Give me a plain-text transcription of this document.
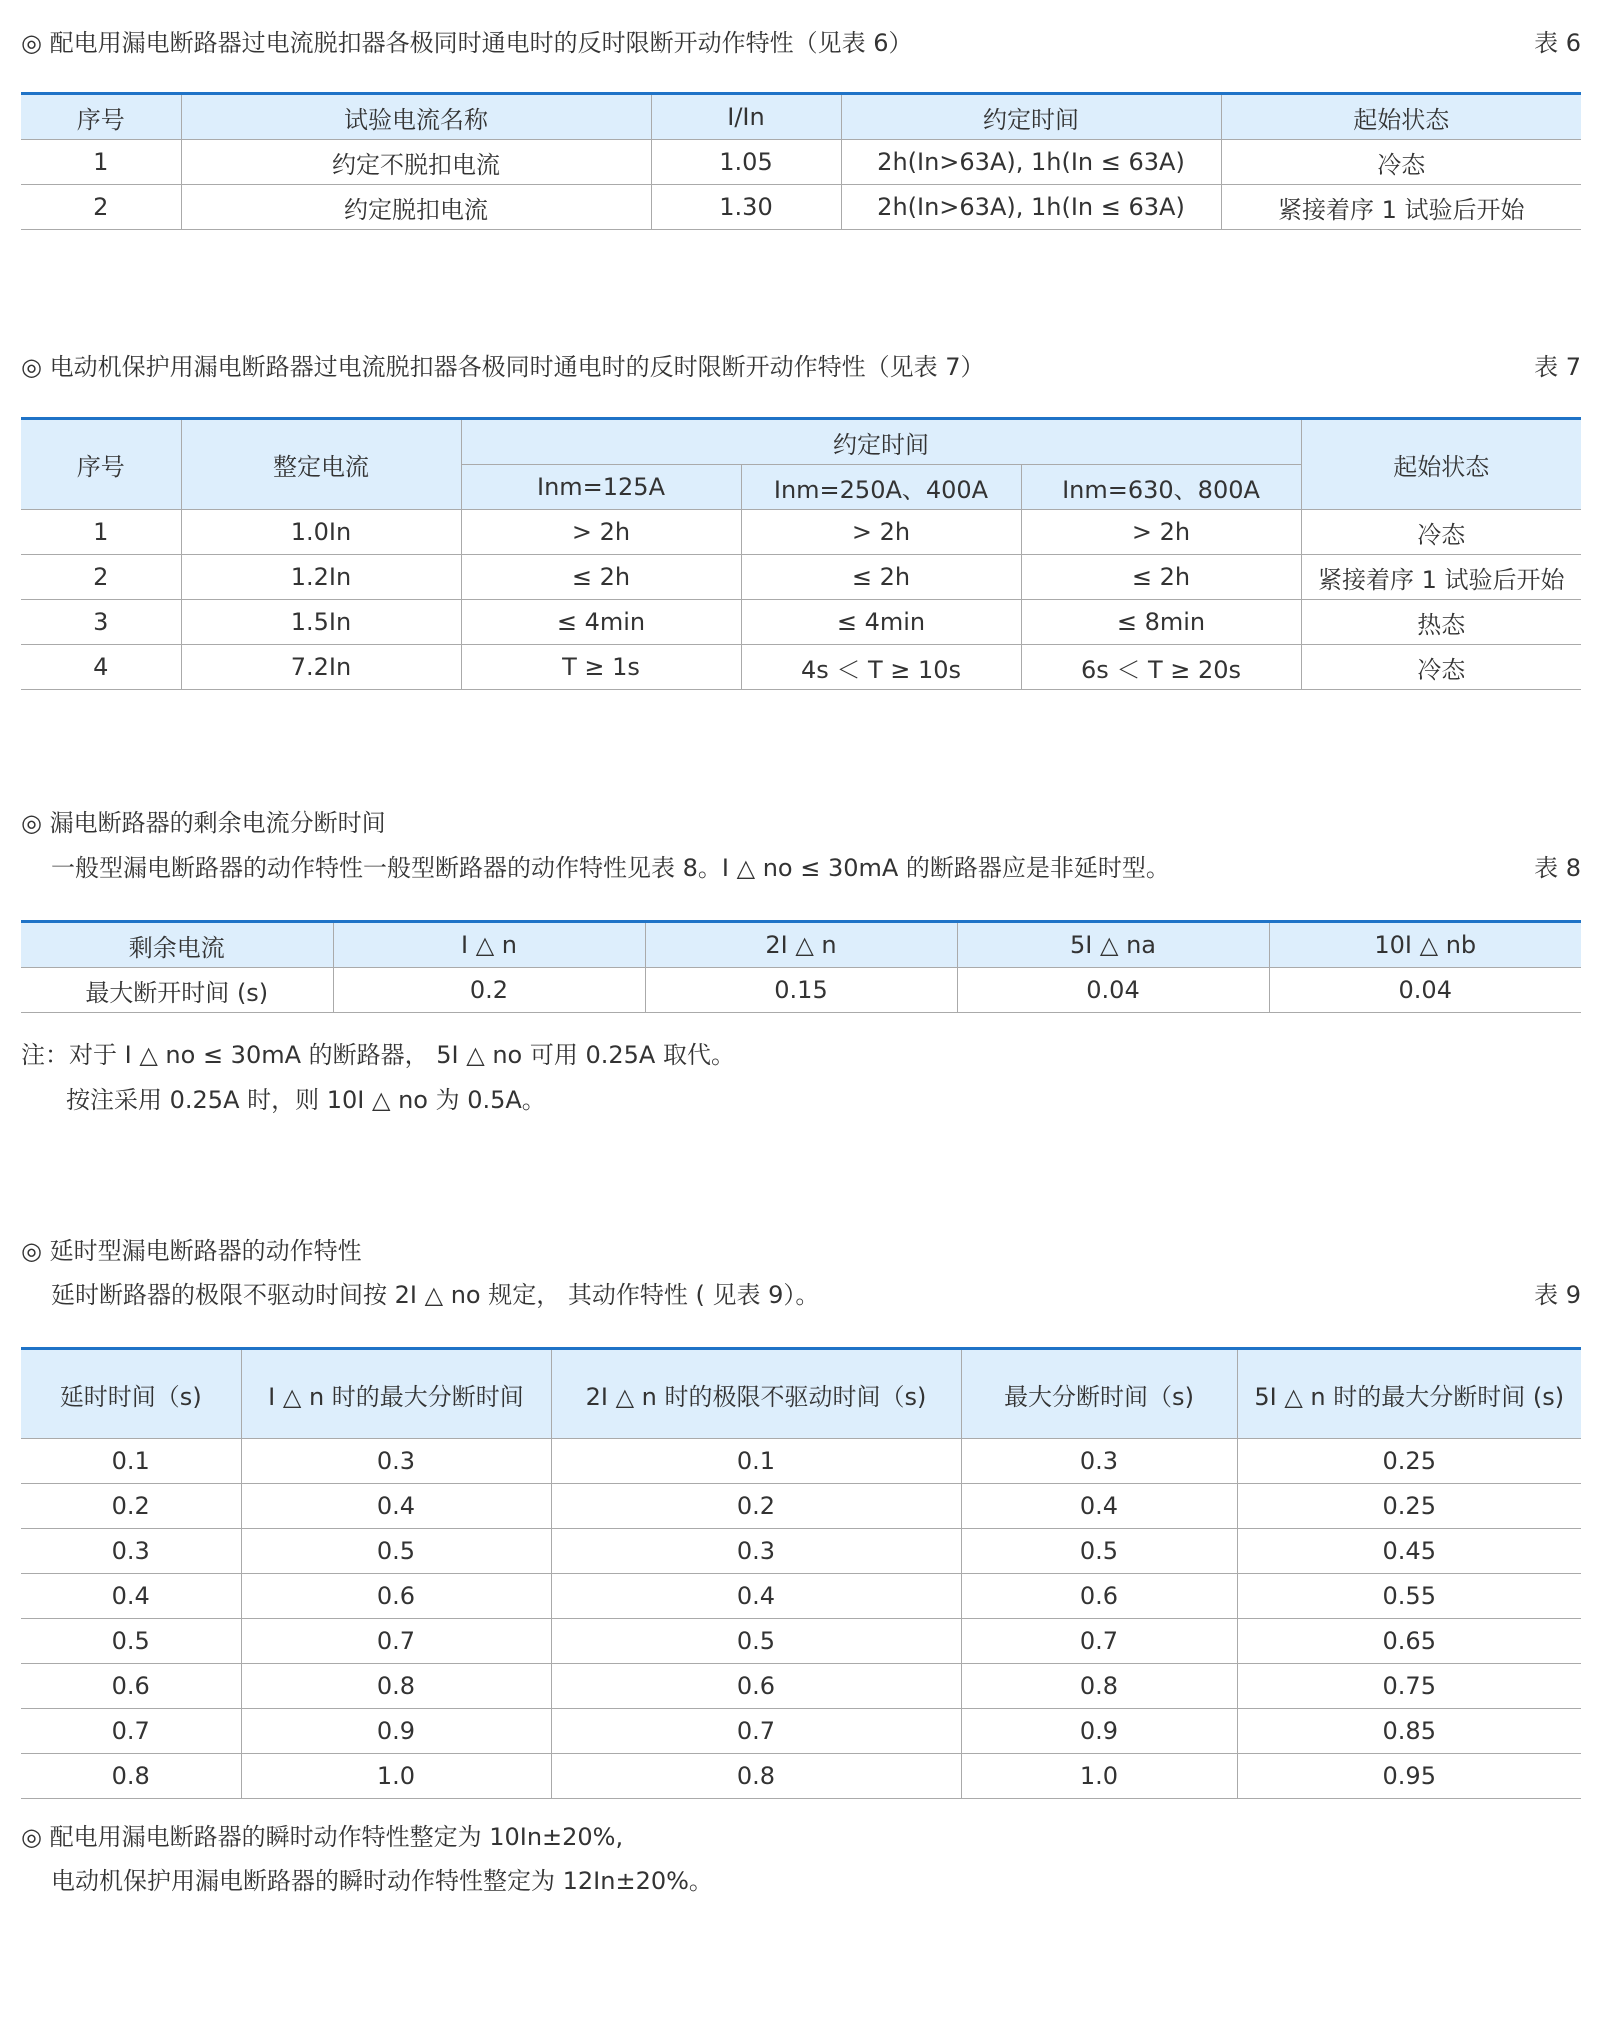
◎ 配电用漏电断路器过电流脱扣器各极同时通电时的反时限断开动作特性（见表 6）	表 6
序号	试验电流名称	I/In	约定时间	起始状态
1	约定不脱扣电流	1.05	2h(In>63A), 1h(In ≤ 63A)	冷态
2	约定脱扣电流	1.30	2h(In>63A), 1h(In ≤ 63A)	紧接着序 1 试验后开始
◎ 电动机保护用漏电断路器过电流脱扣器各极同时通电时的反时限断开动作特性（见表 7）	表 7
序号	整定电流	约定时间			起始状态
		Inm=125A	Inm=250A、400A	Inm=630、800A	
1	1.0In	> 2h	> 2h	> 2h	冷态
2	1.2In	≤ 2h	≤ 2h	≤ 2h	紧接着序 1 试验后开始
3	1.5In	≤ 4min	≤ 4min	≤ 8min	热态
4	7.2In	T ≥ 1s	4s ＜ T ≥ 10s	6s ＜ T ≥ 20s	冷态
◎ 漏电断路器的剩余电流分断时间
一般型漏电断路器的动作特性一般型断路器的动作特性见表 8。I △ no ≤ 30mA 的断路器应是非延时型。	表 8
剩余电流	I △ n	2I △ n	5I △ na	10I △ nb
最大断开时间 (s)	0.2	0.15	0.04	0.04
注：对于 I △ no ≤ 30mA 的断路器， 5I △ no 可用 0.25A 取代。
按注采用 0.25A 时，则 10I △ no 为 0.5A。
◎ 延时型漏电断路器的动作特性
延时断路器的极限不驱动时间按 2I △ no 规定， 其动作特性 ( 见表 9）。	表 9
延时时间（s)	I △ n 时的最大分断时间	2I △ n 时的极限不驱动时间（s)	最大分断时间（s)	5I △ n 时的最大分断时间 (s)
0.1	0.3	0.1	0.3	0.25
0.2	0.4	0.2	0.4	0.25
0.3	0.5	0.3	0.5	0.45
0.4	0.6	0.4	0.6	0.55
0.5	0.7	0.5	0.7	0.65
0.6	0.8	0.6	0.8	0.75
0.7	0.9	0.7	0.9	0.85
0.8	1.0	0.8	1.0	0.95
◎ 配电用漏电断路器的瞬时动作特性整定为 10In±20%,
电动机保护用漏电断路器的瞬时动作特性整定为 12In±20%。
